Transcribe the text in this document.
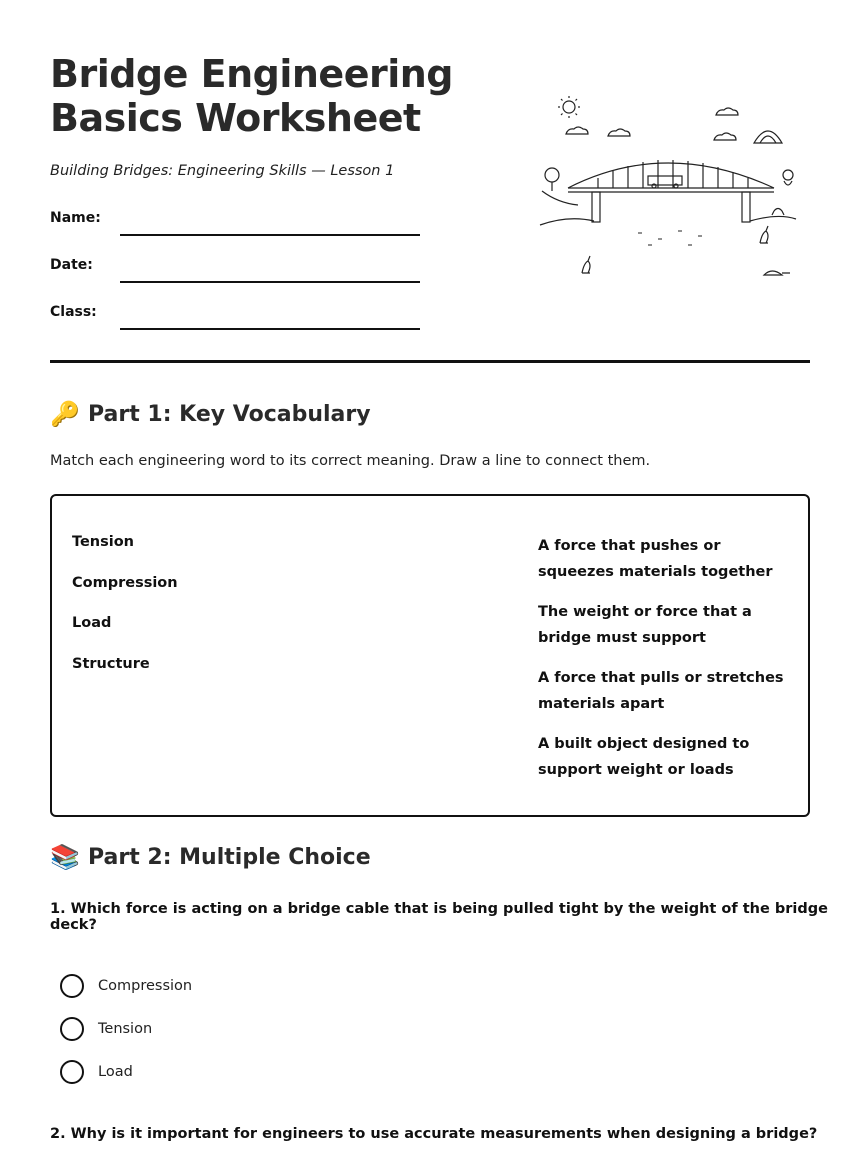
Bridge Engineering Basics Worksheet
Building Bridges: Engineering Skills — Lesson 1
Name:
Date:
Class:
🔑 Part 1: Key Vocabulary
Match each engineering word to its correct meaning. Draw a line to connect them.
Tension
Compression
Load
Structure
A force that pushes or squeezes materials together
The weight or force that a bridge must support
A force that pulls or stretches materials apart
A built object designed to support weight or loads
📚 Part 2: Multiple Choice
1. Which force is acting on a bridge cable that is being pulled tight by the weight of the bridge deck?
Compression
Tension
Load
2. Why is it important for engineers to use accurate measurements when designing a bridge?
